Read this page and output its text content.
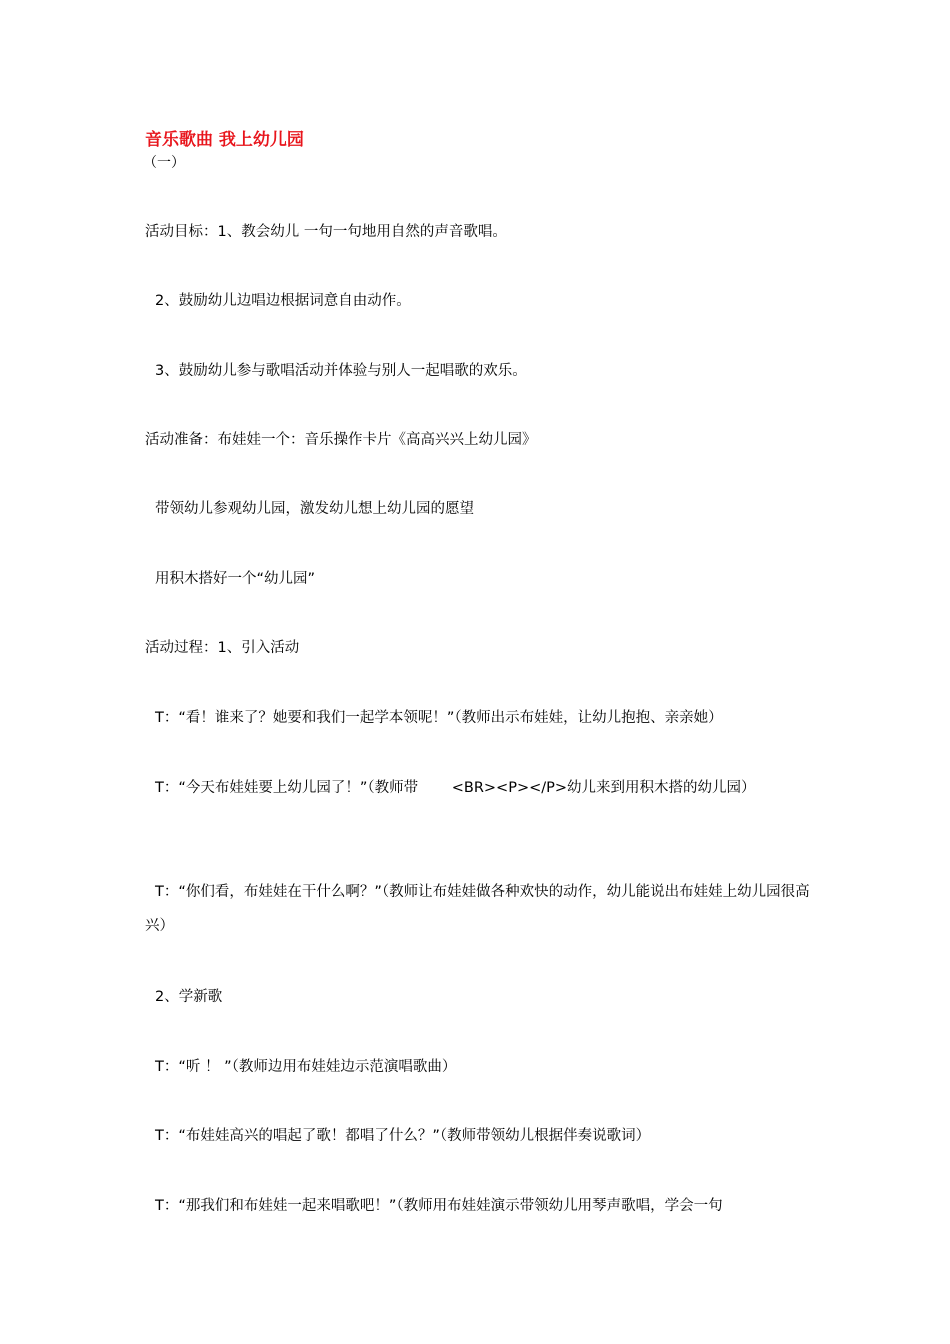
音乐歌曲 我上幼儿园
（一）
活动目标：1、教会幼儿 一句一句地用自然的声音歌唱。
2、鼓励幼儿边唱边根据词意自由动作。
3、鼓励幼儿参与歌唱活动并体验与别人一起唱歌的欢乐。
活动准备：布娃娃一个：音乐操作卡片《高高兴兴上幼儿园》
带领幼儿参观幼儿园，激发幼儿想上幼儿园的愿望
用积木搭好一个“幼儿园”
活动过程：1、引入活动
T：“看！谁来了？她要和我们一起学本领呢！”（教师出示布娃娃，让幼儿抱抱、亲亲她）
T：“今天布娃娃要上幼儿园了！”（教师带　　 <BR><P></P>幼儿来到用积木搭的幼儿园）
T：“你们看，布娃娃在干什么啊？”（教师让布娃娃做各种欢快的动作，幼儿能说出布娃娃上幼儿园很高兴）
2、学新歌
T：“听 ！ ”（教师边用布娃娃边示范演唱歌曲）
T：“布娃娃高兴的唱起了歌！都唱了什么？”（教师带领幼儿根据伴奏说歌词）
T：“那我们和布娃娃一起来唱歌吧！”（教师用布娃娃演示带领幼儿用琴声歌唱，学会一句
